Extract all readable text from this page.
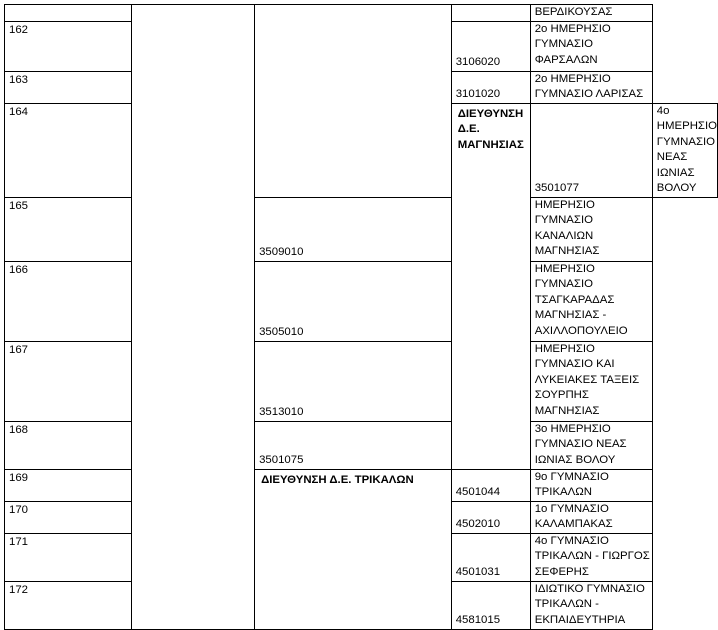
				ΒΕΡΔΙΚΟΥΣΑΣ	

162			3106020	2ο ΗΜΕΡΗΣΙΟ
ΓΥΜΝΑΣΙΟ
ΦΑΡΣΑΛΩΝ	

163			3101020	2ο ΗΜΕΡΗΣΙΟ
ΓΥΜΝΑΣΙΟ ΛΑΡΙΣΑΣ	

164			ΔΙΕΥΘΥΝΣΗ Δ.Ε. ΜΑΓΝΗΣΙΑΣ	3501077	4ο ΗΜΕΡΗΣΙΟ
ΓΥΜΝΑΣΙΟ ΝΕΑΣ
ΙΩΝΙΑΣ ΒΟΛΟΥ

165		3509010		ΗΜΕΡΗΣΙΟ
ΓΥΜΝΑΣΙΟ
ΚΑΝΑΛΙΩΝ
ΜΑΓΝΗΣΙΑΣ	

166		3505010		ΗΜΕΡΗΣΙΟ
ΓΥΜΝΑΣΙΟ
ΤΣΑΓΚΑΡΑΔΑΣ
ΜΑΓΝΗΣΙΑΣ -
ΑΧΙΛΛΟΠΟΥΛΕΙΟ	

167		3513010		ΗΜΕΡΗΣΙΟ
ΓΥΜΝΑΣΙΟ ΚΑΙ
ΛΥΚΕΙΑΚΕΣ ΤΑΞΕΙΣ
ΣΟΥΡΠΗΣ
ΜΑΓΝΗΣΙΑΣ	

168		3501075		3ο ΗΜΕΡΗΣΙΟ
ΓΥΜΝΑΣΙΟ ΝΕΑΣ
ΙΩΝΙΑΣ ΒΟΛΟΥ	

169		ΔΙΕΥΘΥΝΣΗ Δ.Ε. ΤΡΙΚΑΛΩΝ	4501044	9ο ΓΥΜΝΑΣΙΟ
ΤΡΙΚΑΛΩΝ	

170			4502010	1ο ΓΥΜΝΑΣΙΟ
ΚΑΛΑΜΠΑΚΑΣ	

171			4501031	4ο ΓΥΜΝΑΣΙΟ
ΤΡΙΚΑΛΩΝ - ΓΙΩΡΓΟΣ
ΣΕΦΕΡΗΣ	

172			4581015	ΙΔΙΩΤΙΚΟ ΓΥΜΝΑΣΙΟ
ΤΡΙΚΑΛΩΝ -
ΕΚΠΑΙΔΕΥΤΗΡΙΑ	
